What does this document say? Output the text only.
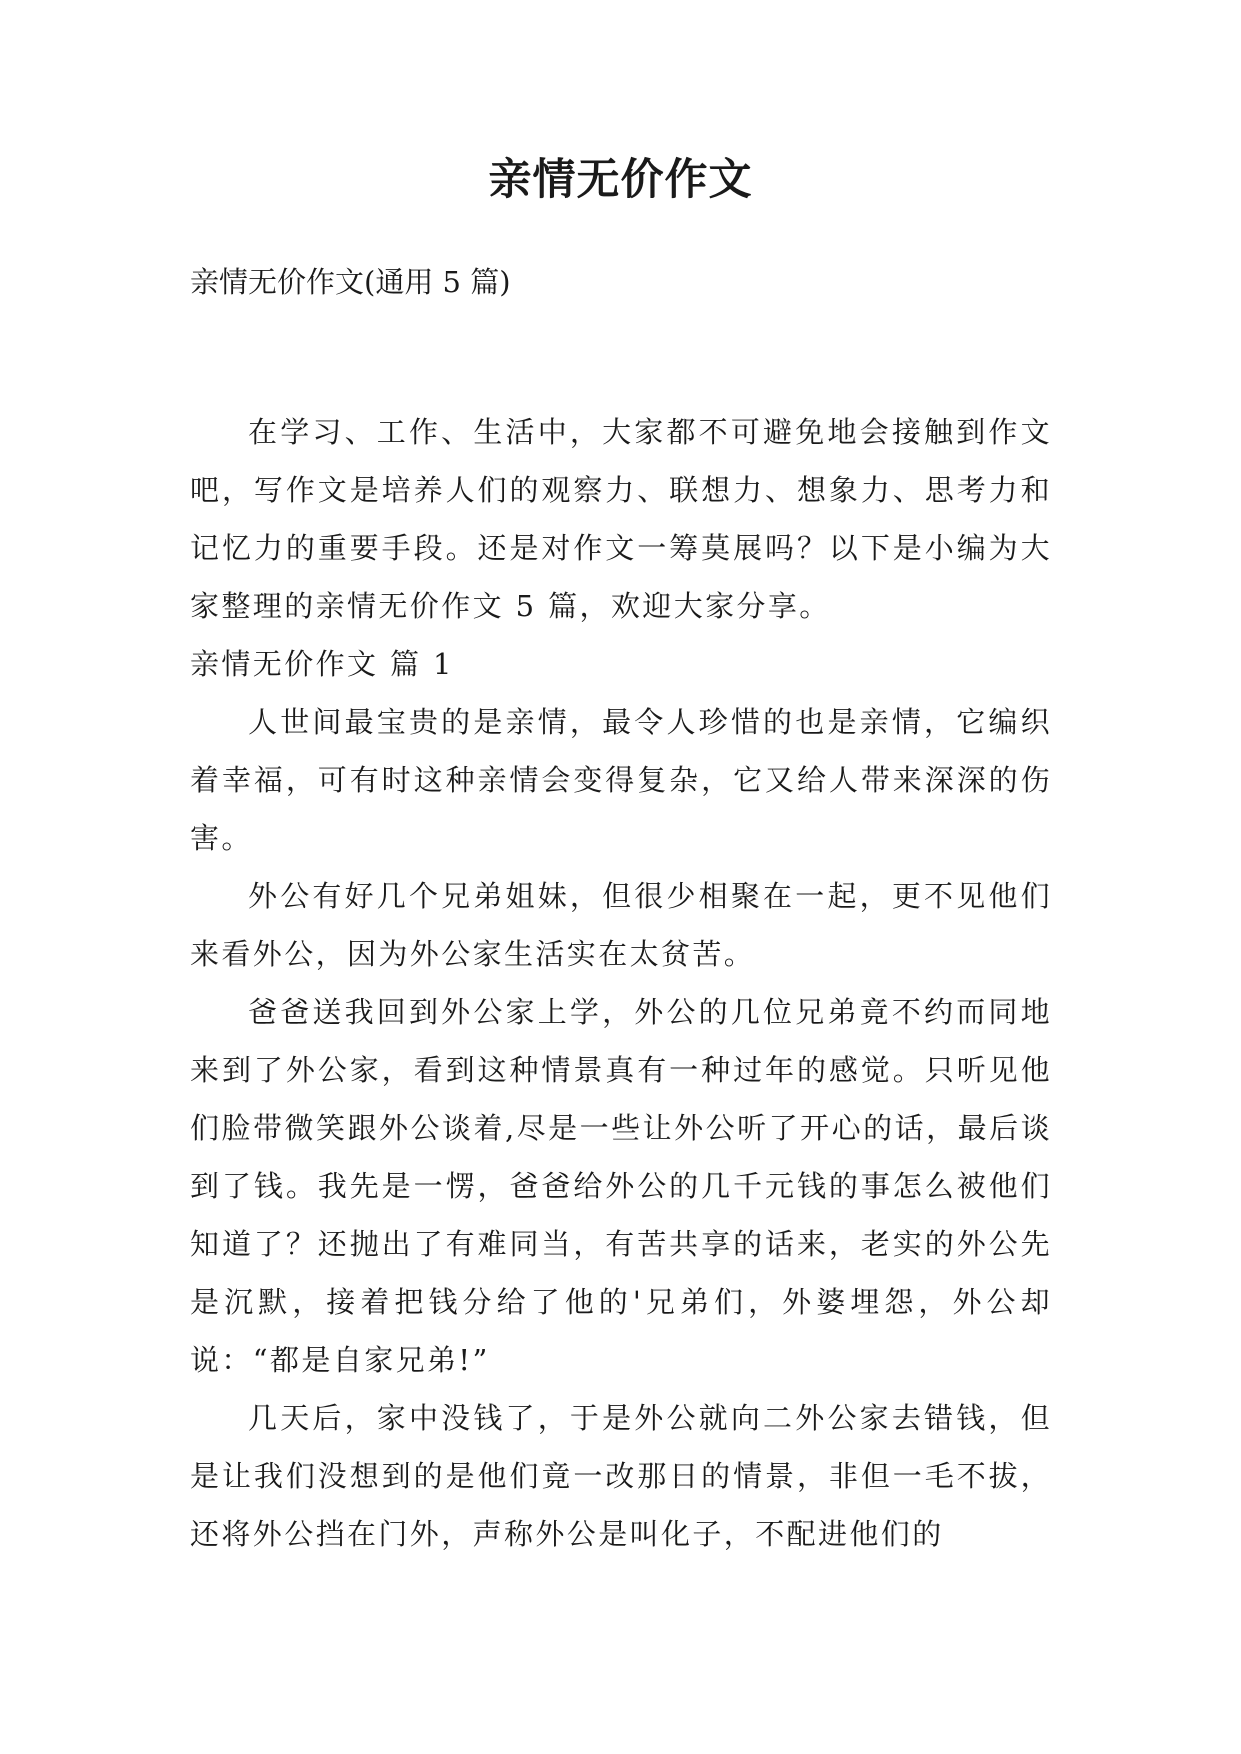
亲情无价作文
亲情无价作文(通用 5 篇)

在学习、工作、生活中，大家都不可避免地会接触到作文吧，写作文是培养人们的观察力、联想力、想象力、思考力和记忆力的重要手段。还是对作文一筹莫展吗？以下是小编为大家整理的亲情无价作文 5 篇，欢迎大家分享。

亲情无价作文 篇 1

人世间最宝贵的是亲情，最令人珍惜的也是亲情，它编织着幸福，可有时这种亲情会变得复杂，它又给人带来深深的伤害。

外公有好几个兄弟姐妹，但很少相聚在一起，更不见他们来看外公，因为外公家生活实在太贫苦。

爸爸送我回到外公家上学，外公的几位兄弟竟不约而同地来到了外公家，看到这种情景真有一种过年的感觉。只听见他们脸带微笑跟外公谈着,尽是一些让外公听了开心的话，最后谈到了钱。我先是一愣，爸爸给外公的几千元钱的事怎么被他们知道了？还抛出了有难同当，有苦共享的话来，老实的外公先是沉默，接着把钱分给了他的'兄弟们，外婆埋怨，外公却说：“都是自家兄弟!”

几天后，家中没钱了，于是外公就向二外公家去错钱，但是让我们没想到的是他们竟一改那日的情景，非但一毛不拔，还将外公挡在门外，声称外公是叫化子，不配进他们的
